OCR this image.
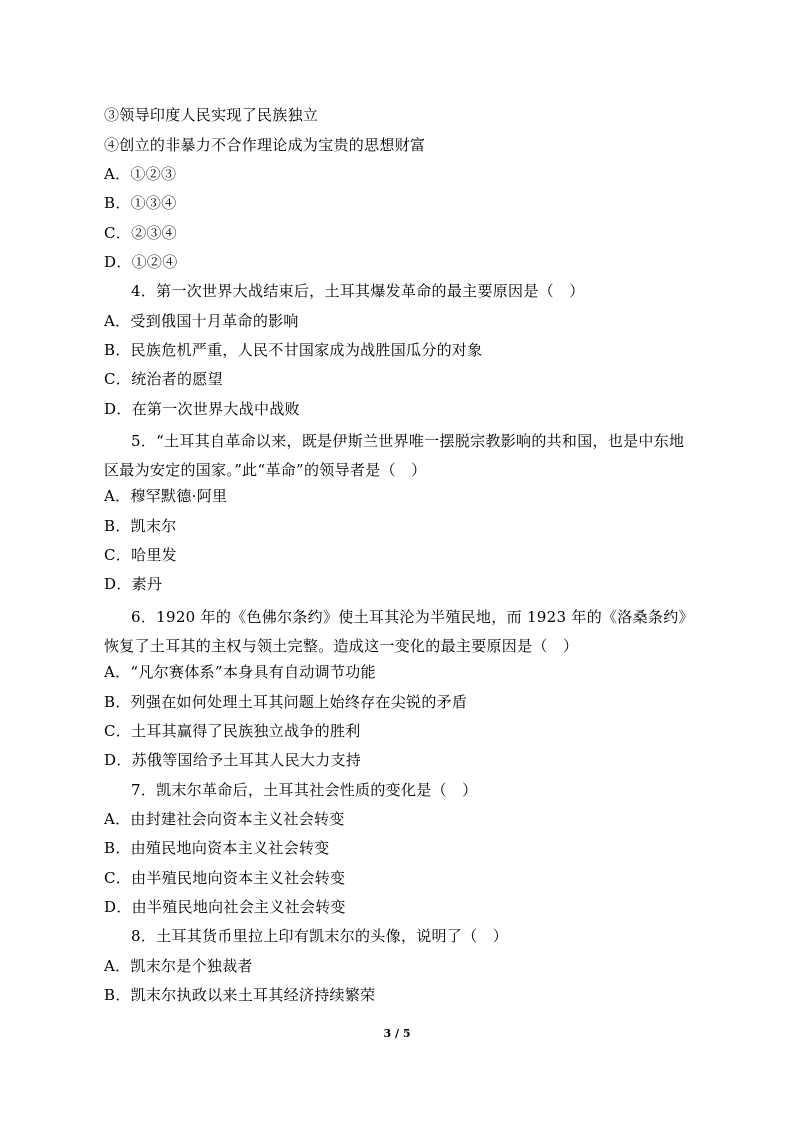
③领导印度人民实现了民族独立
④创立的非暴力不合作理论成为宝贵的思想财富
A．①②③
B．①③④
C．②③④
D．①②④
4．第一次世界大战结束后，土耳其爆发革命的最主要原因是（　）
A．受到俄国十月革命的影响
B．民族危机严重，人民不甘国家成为战胜国瓜分的对象
C．统治者的愿望
D．在第一次世界大战中战败
5．“土耳其自革命以来，既是伊斯兰世界唯一摆脱宗教影响的共和国，也是中东地区最为安定的国家。”此“革命”的领导者是（　）
A．穆罕默德·阿里
B．凯末尔
C．哈里发
D．素丹
6．1920 年的《色佛尔条约》使土耳其沦为半殖民地，而 1923 年的《洛桑条约》恢复了土耳其的主权与领土完整。造成这一变化的最主要原因是（　）
A．“凡尔赛体系”本身具有自动调节功能
B．列强在如何处理土耳其问题上始终存在尖锐的矛盾
C．土耳其赢得了民族独立战争的胜利
D．苏俄等国给予土耳其人民大力支持
7．凯末尔革命后，土耳其社会性质的变化是（　）
A．由封建社会向资本主义社会转变
B．由殖民地向资本主义社会转变
C．由半殖民地向资本主义社会转变
D．由半殖民地向社会主义社会转变
8．土耳其货币里拉上印有凯末尔的头像，说明了（　）
A．凯末尔是个独裁者
B．凯末尔执政以来土耳其经济持续繁荣
3 / 5
